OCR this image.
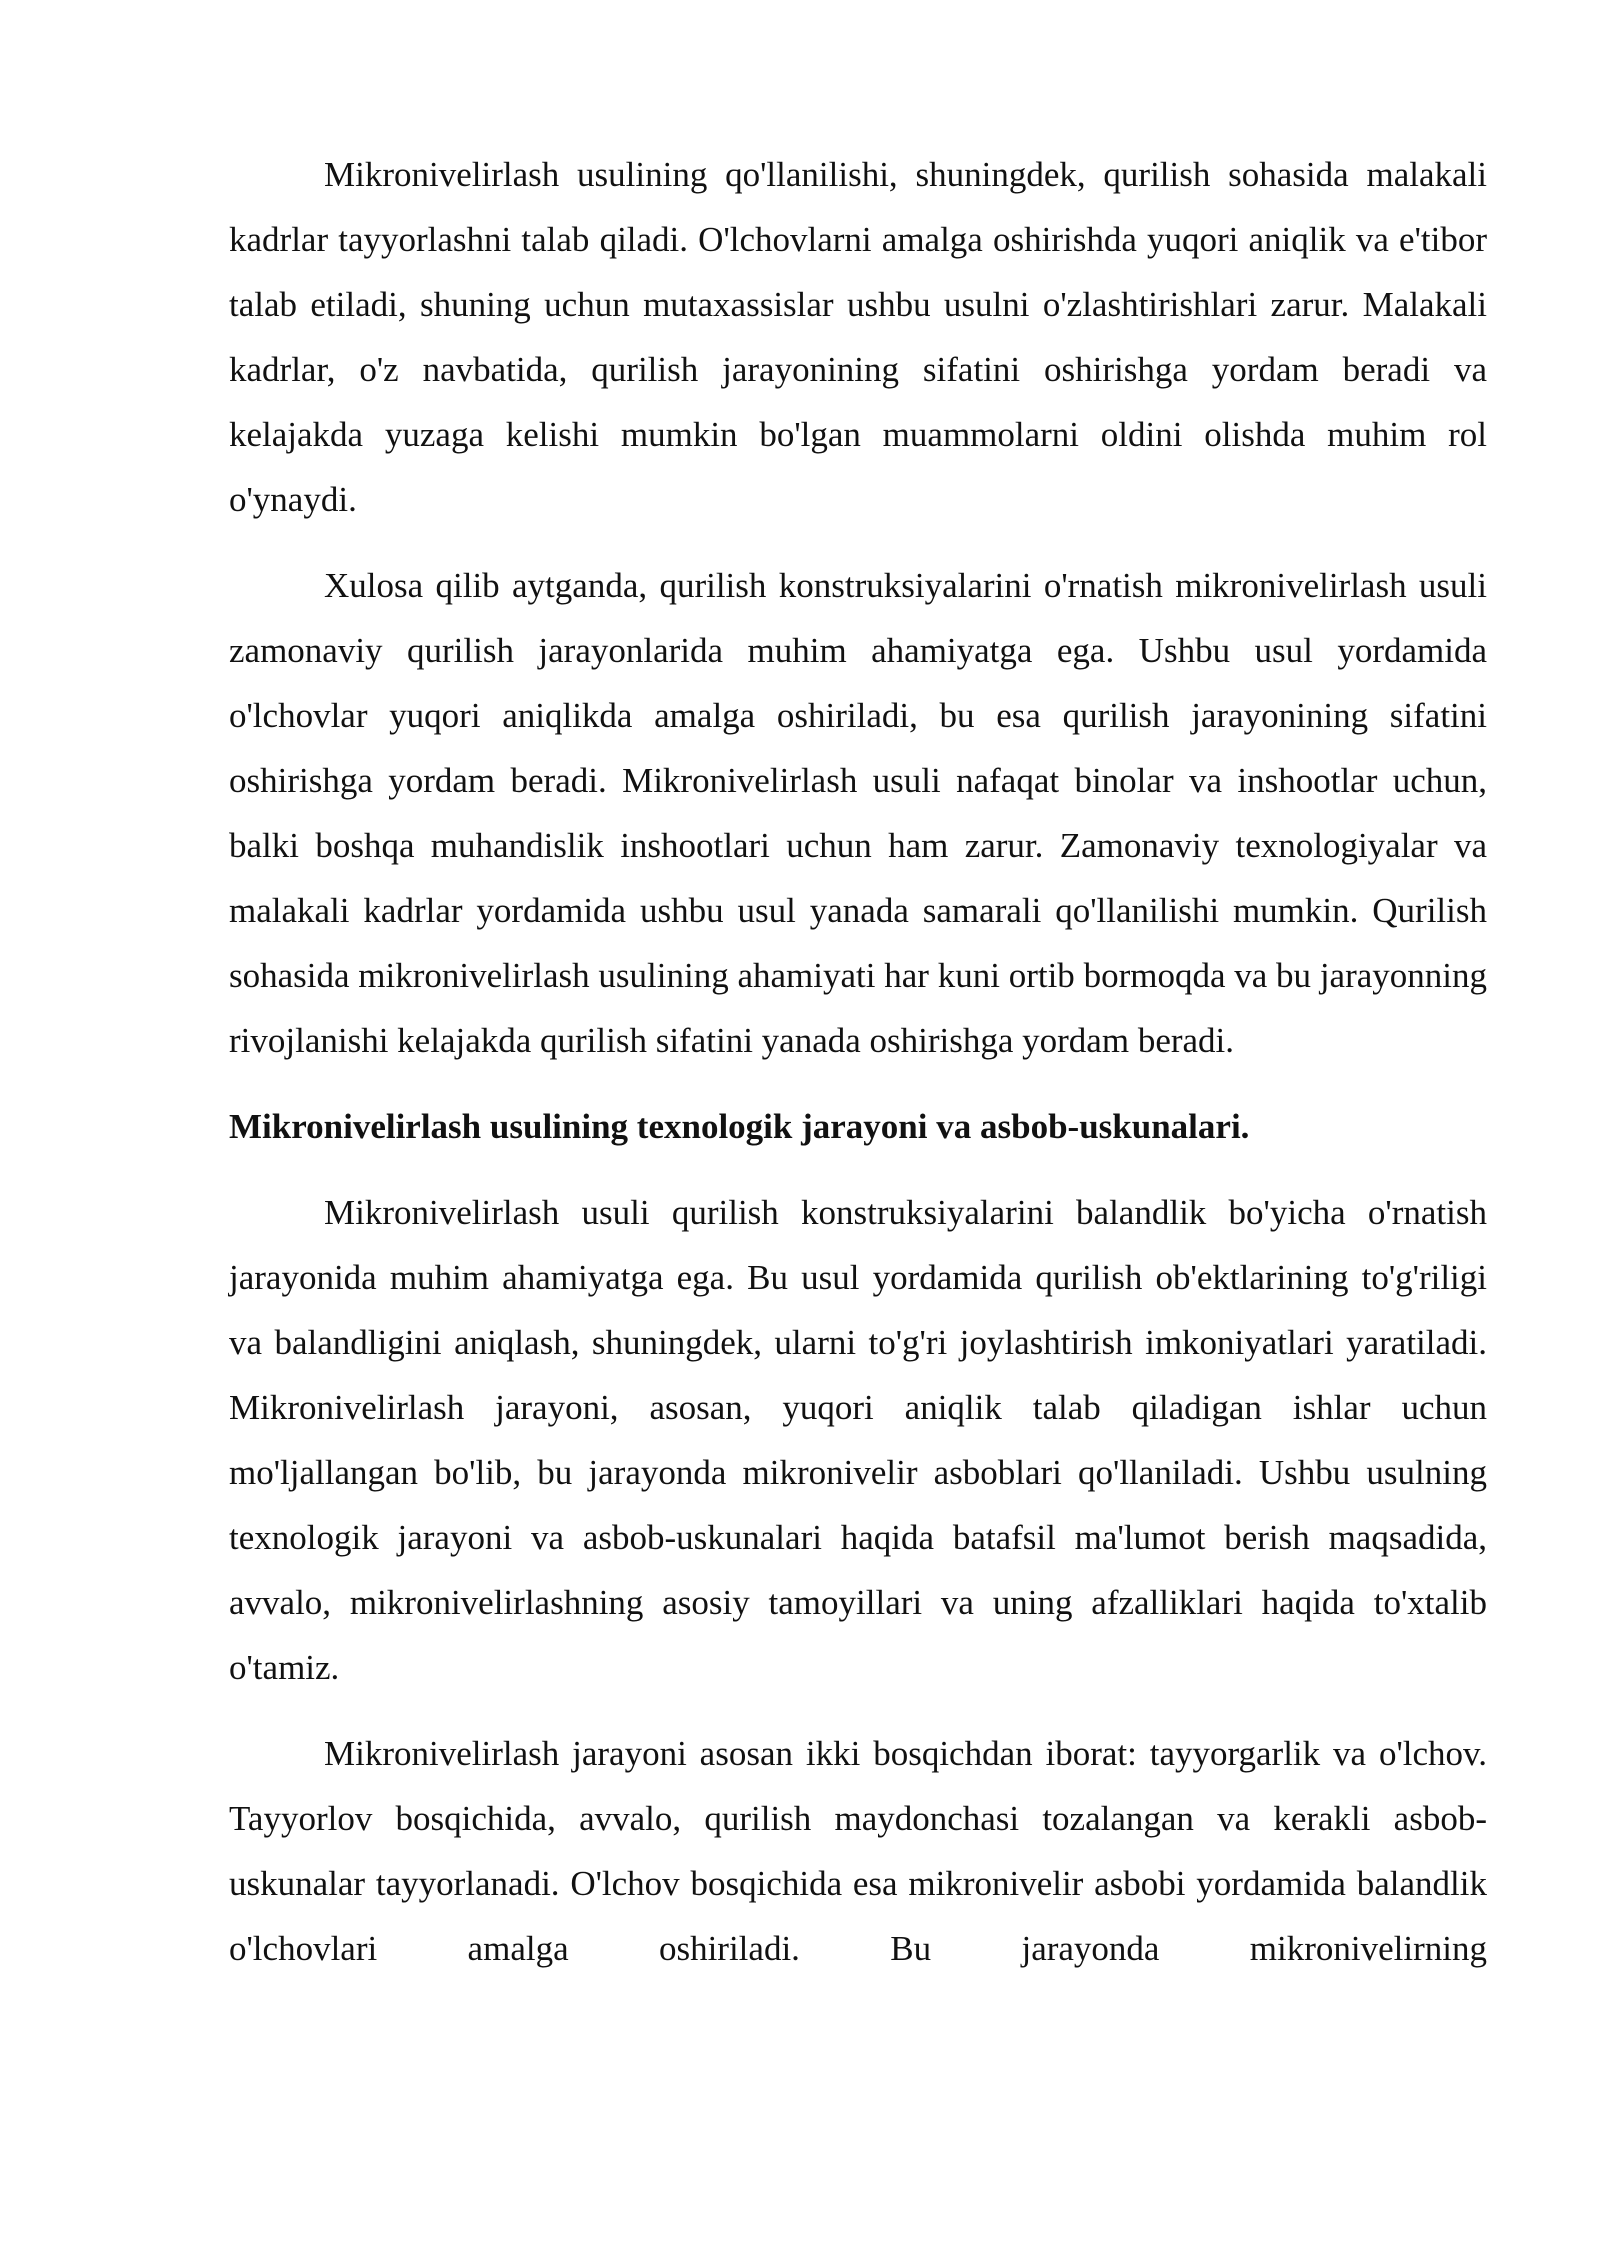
Mikronivelirlash usulining qo'llanilishi, shuningdek, qurilish sohasida malakali kadrlar tayyorlashni talab qiladi. O'lchovlarni amalga oshirishda yuqori aniqlik va e'tibor talab etiladi, shuning uchun mutaxassislar ushbu usulni o'zlashtirishlari zarur. Malakali kadrlar, o'z navbatida, qurilish jarayonining sifatini oshirishga yordam beradi va kelajakda yuzaga kelishi mumkin bo'lgan muammolarni oldini olishda muhim rol o'ynaydi.

Xulosa qilib aytganda, qurilish konstruksiyalarini o'rnatish mikronivelirlash usuli zamonaviy qurilish jarayonlarida muhim ahamiyatga ega. Ushbu usul yordamida o'lchovlar yuqori aniqlikda amalga oshiriladi, bu esa qurilish jarayonining sifatini oshirishga yordam beradi. Mikronivelirlash usuli nafaqat binolar va inshootlar uchun, balki boshqa muhandislik inshootlari uchun ham zarur. Zamonaviy texnologiyalar va malakali kadrlar yordamida ushbu usul yanada samarali qo'llanilishi mumkin. Qurilish sohasida mikronivelirlash usulining ahamiyati har kuni ortib bormoqda va bu jarayonning rivojlanishi kelajakda qurilish sifatini yanada oshirishga yordam beradi.

Mikronivelirlash usulining texnologik jarayoni va asbob-uskunalari.

Mikronivelirlash usuli qurilish konstruksiyalarini balandlik bo'yicha o'rnatish jarayonida muhim ahamiyatga ega. Bu usul yordamida qurilish ob'ektlarining to'g'riligi va balandligini aniqlash, shuningdek, ularni to'g'ri joylashtirish imkoniyatlari yaratiladi. Mikronivelirlash jarayoni, asosan, yuqori aniqlik talab qiladigan ishlar uchun mo'ljallangan bo'lib, bu jarayonda mikronivelir asboblari qo'llaniladi. Ushbu usulning texnologik jarayoni va asbob-uskunalari haqida batafsil ma'lumot berish maqsadida, avvalo, mikronivelirlashning asosiy tamoyillari va uning afzalliklari haqida to'xtalib o'tamiz.

Mikronivelirlash jarayoni asosan ikki bosqichdan iborat: tayyorgarlik va o'lchov. Tayyorlov bosqichida, avvalo, qurilish maydonchasi tozalangan va kerakli asbob-uskunalar tayyorlanadi. O'lchov bosqichida esa mikronivelir asbobi yordamida balandlik o'lchovlari amalga oshiriladi. Bu jarayonda mikronivelirning
